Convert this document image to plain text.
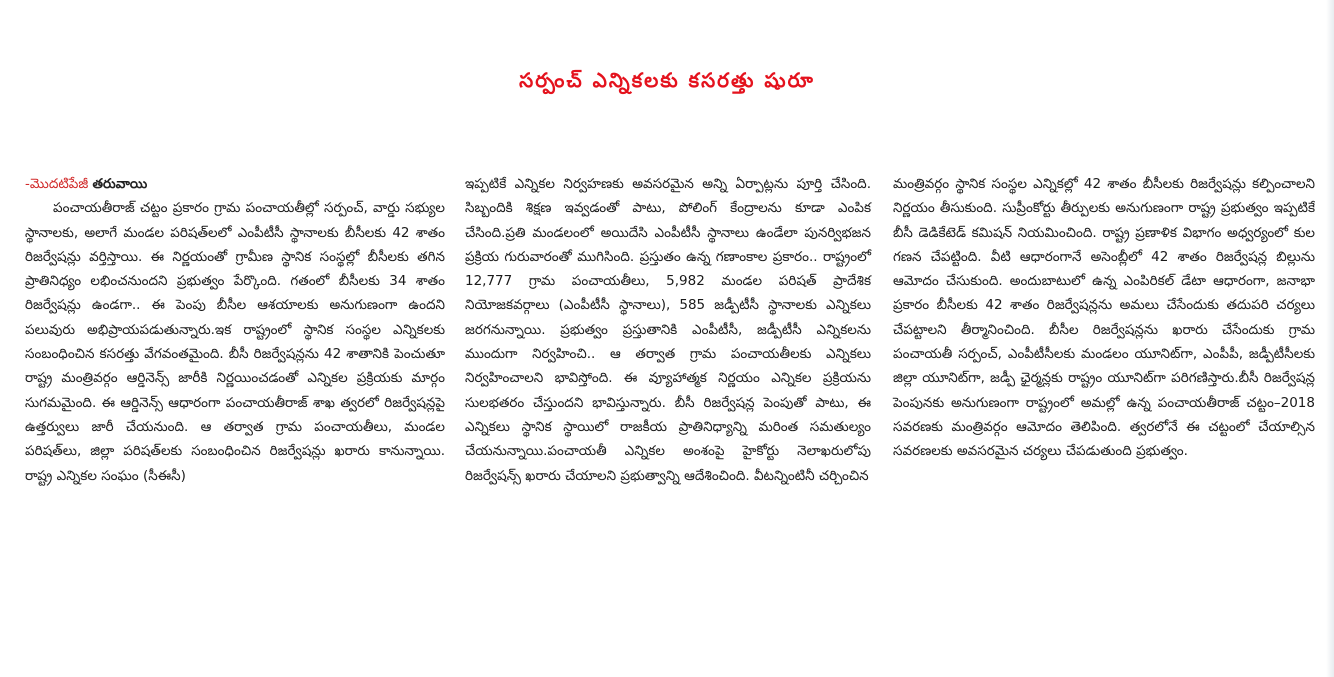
సర్పంచ్ ఎన్నికలకు కసరత్తు షురూ

-మొదటిపేజీ తరువాయి

పంచాయతీరాజ్ చట్టం ప్రకారం గ్రామ పంచాయతీల్లో సర్పంచ్, వార్డు సభ్యుల స్థానాలకు, అలాగే మండల పరిషత్‌లలో ఎంపీటీసీ స్థానాలకు బీసీలకు 42 శాతం రిజర్వేషన్లు వర్తిస్తాయి. ఈ నిర్ణయంతో గ్రామీణ స్థానిక సంస్థల్లో బీసీలకు తగిన ప్రాతినిధ్యం లభించనుందని ప్రభుత్వం పేర్కొంది. గతంలో బీసీలకు 34 శాతం రిజర్వేషన్లు ఉండగా.. ఈ పెంపు బీసీల ఆశయాలకు అనుగుణంగా ఉందని పలువురు అభిప్రాయపడుతున్నారు.ఇక రాష్ట్రంలో స్థానిక సంస్థల ఎన్నికలకు సంబంధించిన కసరత్తు వేగవంతమైంది. బీసీ రిజర్వేషన్లను 42 శాతానికి పెంచుతూ రాష్ట్ర మంత్రివర్గం ఆర్డినెన్స్ జారీకి నిర్ణయించడంతో ఎన్నికల ప్రక్రియకు మార్గం సుగమమైంది. ఈ ఆర్డినెన్స్ ఆధారంగా పంచాయతీరాజ్ శాఖ త్వరలో రిజర్వేషన్లపై ఉత్తర్వులు జారీ చేయనుంది. ఆ తర్వాత గ్రామ పంచాయతీలు, మండల పరిషత్‌లు, జిల్లా పరిషత్‌లకు సంబంధించిన రిజర్వేషన్లు ఖరారు కానున్నాయి. రాష్ట్ర ఎన్నికల సంఘం (సీఈసీ)

ఇప్పటికే ఎన్నికల నిర్వహణకు అవసరమైన అన్ని ఏర్పాట్లను పూర్తి చేసింది. సిబ్బందికి శిక్షణ ఇవ్వడంతో పాటు, పోలింగ్ కేంద్రాలను కూడా ఎంపిక చేసింది.ప్రతి మండలంలో అయిదేసి ఎంపీటీసీ స్థానాలు ఉండేలా పునర్విభజన ప్రక్రియ గురువారంతో ముగిసింది. ప్రస్తుతం ఉన్న గణాంకాల ప్రకారం.. రాష్ట్రంలో 12,777 గ్రామ పంచాయతీలు, 5,982 మండల పరిషత్ ప్రాదేశిక నియోజకవర్గాలు (ఎంపీటీసీ స్థానాలు), 585 జడ్పీటీసీ స్థానాలకు ఎన్నికలు జరగనున్నాయి. ప్రభుత్వం ప్రస్తుతానికి ఎంపీటీసీ, జడ్పీటీసీ ఎన్నికలను ముందుగా నిర్వహించి.. ఆ తర్వాత గ్రామ పంచాయతీలకు ఎన్నికలు నిర్వహించాలని భావిస్తోంది. ఈ వ్యూహాత్మక నిర్ణయం ఎన్నికల ప్రక్రియను సులభతరం చేస్తుందని భావిస్తున్నారు. బీసీ రిజర్వేషన్ల పెంపుతో పాటు, ఈ ఎన్నికలు స్థానిక స్థాయిలో రాజకీయ ప్రాతినిధ్యాన్ని మరింత సమతుల్యం చేయనున్నాయి.పంచాయతీ ఎన్నికల అంశంపై హైకోర్టు నెలాఖరులోపు రిజర్వేషన్స్ ఖరారు చేయాలని ప్రభుత్వాన్ని ఆదేశించింది. వీటన్నింటినీ చర్చించిన

మంత్రివర్గం స్థానిక సంస్థల ఎన్నికల్లో 42 శాతం బీసీలకు రిజర్వేషన్లు కల్పించాలని నిర్ణయం తీసుకుంది. సుప్రీంకోర్టు తీర్పులకు అనుగుణంగా రాష్ట్ర ప్రభుత్వం ఇప్పటికే బీసీ డెడికేటెడ్ కమిషన్ నియమించింది. రాష్ట్ర ప్రణాళిక విభాగం అధ్వర్యంలో కుల గణన చేపట్టింది. వీటి ఆధారంగానే అసెంబ్లీలో 42 శాతం రిజర్వేషన్ల బిల్లును ఆమోదం చేసుకుంది. అందుబాటులో ఉన్న ఎంపిరికల్ డేటా ఆధారంగా, జనాభా ప్రకారం బీసీలకు 42 శాతం రిజర్వేషన్లను అమలు చేసేందుకు తదుపరి చర్యలు చేపట్టాలని తీర్మానించింది. బీసీల రిజర్వేషన్లను ఖరారు చేసేందుకు గ్రామ పంచాయతీ సర్పంచ్, ఎంపీటీసీలకు మండలం యూనిట్‌గా, ఎంపీపీ, జడ్పీటీసీలకు జిల్లా యూనిట్‌గా, జడ్పీ ఛైర్మన్లకు రాష్ట్రం యూనిట్‌గా పరిగణిస్తారు.బీసీ రిజర్వేషన్ల పెంపునకు అనుగుణంగా రాష్ట్రంలో అమల్లో ఉన్న పంచాయతీరాజ్ చట్టం–2018 సవరణకు మంత్రివర్గం ఆమోదం తెలిపింది. త్వరలోనే ఈ చట్టంలో చేయాల్సిన సవరణలకు అవసరమైన చర్యలు చేపడుతుంది ప్రభుత్వం.
